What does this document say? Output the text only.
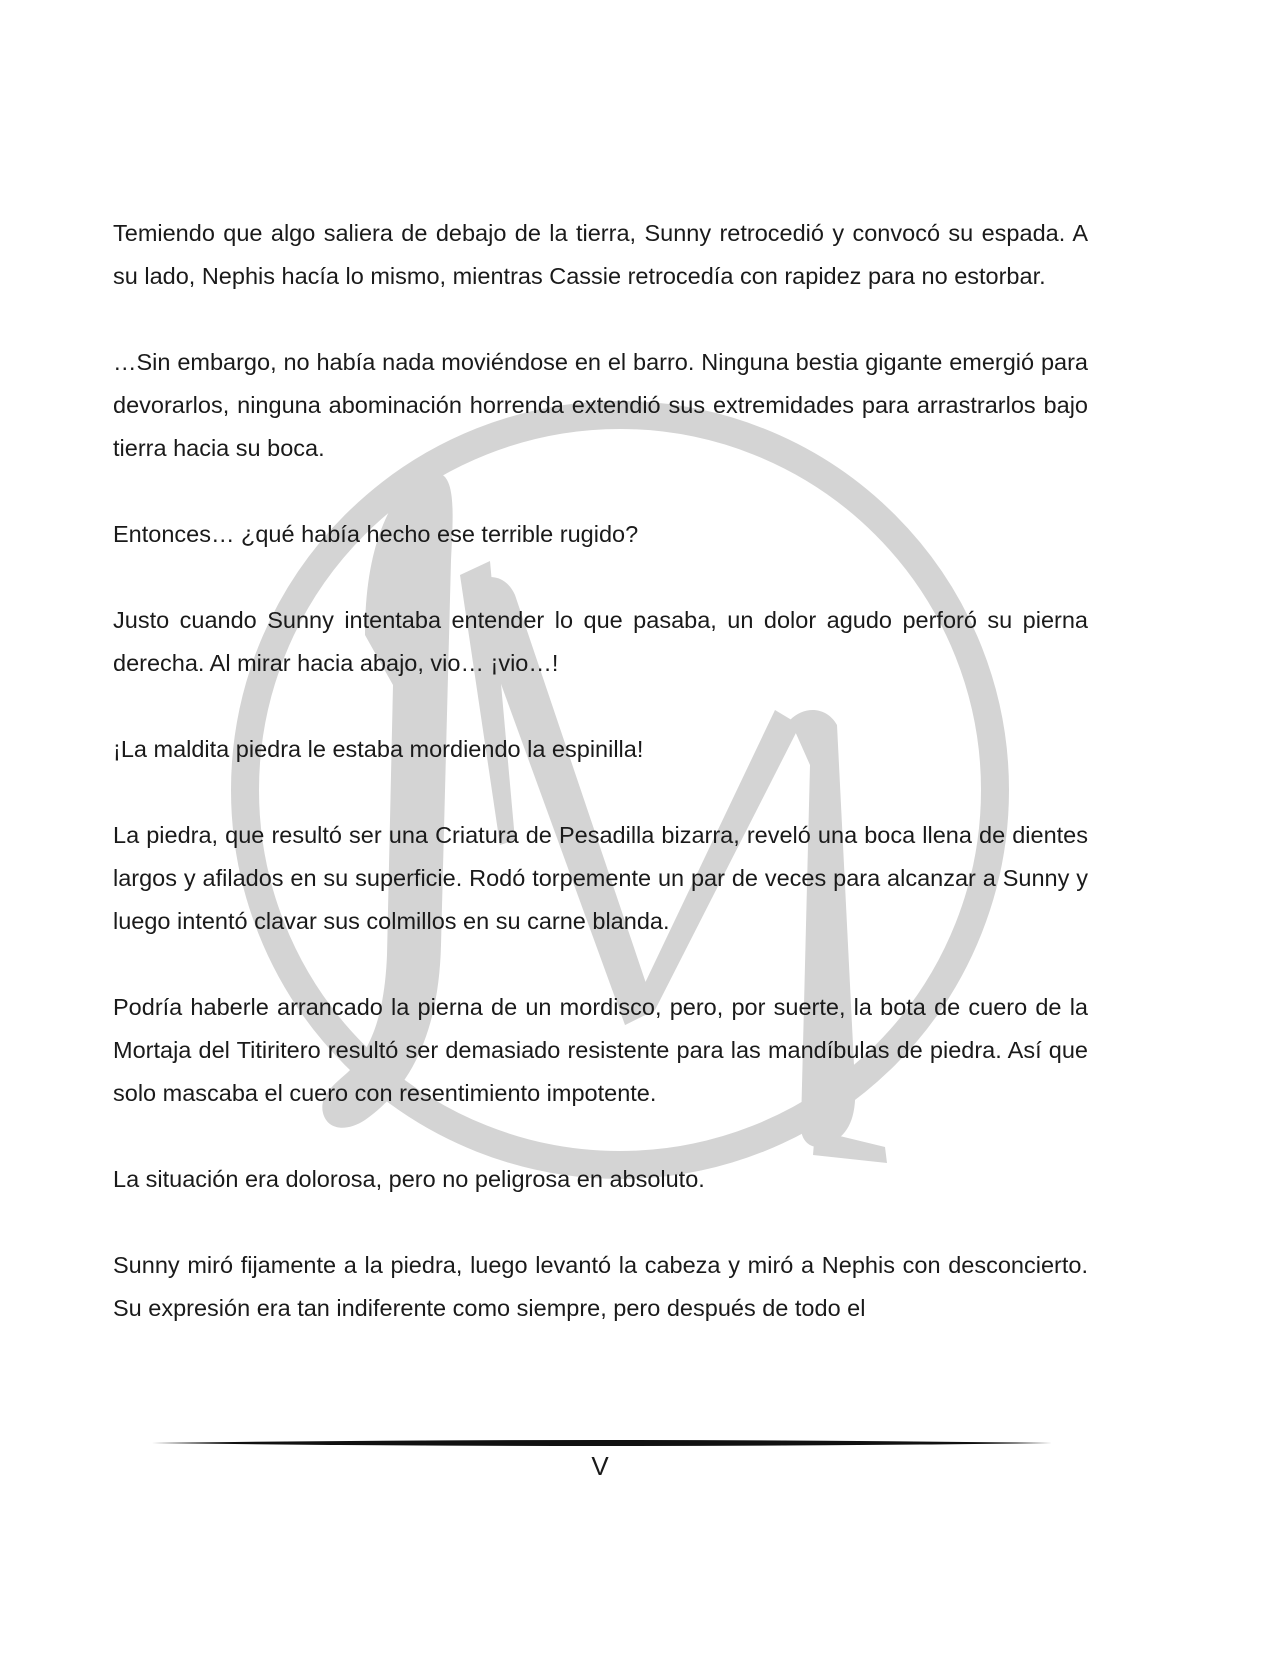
Temiendo que algo saliera de debajo de la tierra, Sunny retrocedió y convocó su espada. A su lado, Nephis hacía lo mismo, mientras Cassie retrocedía con rapidez para no estorbar.

…Sin embargo, no había nada moviéndose en el barro. Ninguna bestia gigante emergió para devorarlos, ninguna abominación horrenda extendió sus extremidades para arrastrarlos bajo tierra hacia su boca.

Entonces… ¿qué había hecho ese terrible rugido?

Justo cuando Sunny intentaba entender lo que pasaba, un dolor agudo perforó su pierna derecha. Al mirar hacia abajo, vio… ¡vio…!

¡La maldita piedra le estaba mordiendo la espinilla!

La piedra, que resultó ser una Criatura de Pesadilla bizarra, reveló una boca llena de dientes largos y afilados en su superficie. Rodó torpemente un par de veces para alcanzar a Sunny y luego intentó clavar sus colmillos en su carne blanda.

Podría haberle arrancado la pierna de un mordisco, pero, por suerte, la bota de cuero de la Mortaja del Titiritero resultó ser demasiado resistente para las mandíbulas de piedra. Así que solo mascaba el cuero con resentimiento impotente.

La situación era dolorosa, pero no peligrosa en absoluto.

Sunny miró fijamente a la piedra, luego levantó la cabeza y miró a Nephis con desconcierto. Su expresión era tan indiferente como siempre, pero después de todo el

V
